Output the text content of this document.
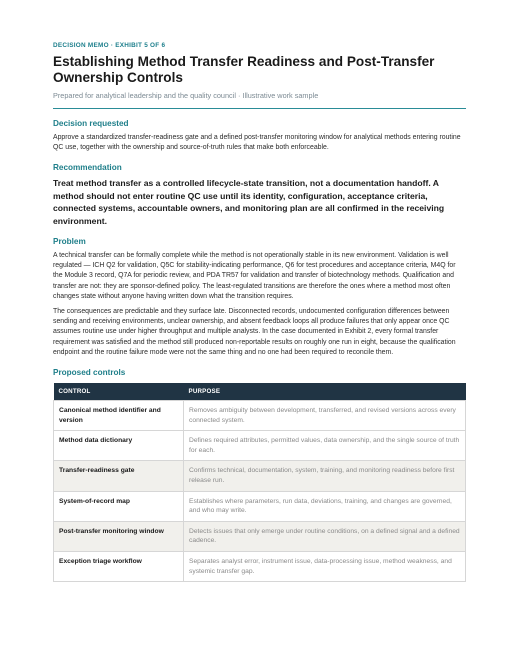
DECISION MEMO · EXHIBIT 5 OF 6

Establishing Method Transfer Readiness and Post-Transfer Ownership Controls

Prepared for analytical leadership and the quality council · Illustrative work sample

Decision requested

Approve a standardized transfer-readiness gate and a defined post-transfer monitoring window for analytical methods entering routine QC use, together with the ownership and source-of-truth rules that make both enforceable.

Recommendation

Treat method transfer as a controlled lifecycle-state transition, not a documentation handoff. A method should not enter routine QC use until its identity, configuration, acceptance criteria, connected systems, accountable owners, and monitoring plan are all confirmed in the receiving environment.

Problem

A technical transfer can be formally complete while the method is not operationally stable in its new environment. Validation is well regulated — ICH Q2 for validation, Q5C for stability-indicating performance, Q6 for test procedures and acceptance criteria, M4Q for the Module 3 record, Q7A for periodic review, and PDA TR57 for validation and transfer of biotechnology methods. Qualification and transfer are not: they are sponsor-defined policy. The least-regulated transitions are therefore the ones where a method most often changes state without anyone having written down what the transition requires.

The consequences are predictable and they surface late. Disconnected records, undocumented configuration differences between sending and receiving environments, unclear ownership, and absent feedback loops all produce failures that only appear once QC assumes routine use under higher throughput and multiple analysts. In the case documented in Exhibit 2, every formal transfer requirement was satisfied and the method still produced non-reportable results on roughly one run in eight, because the qualification endpoint and the routine failure mode were not the same thing and no one had been required to reconcile them.

Proposed controls
CONTROL	PURPOSE
Canonical method identifier and version	Removes ambiguity between development, transferred, and revised versions across every connected system.
Method data dictionary	Defines required attributes, permitted values, data ownership, and the single source of truth for each.
Transfer-readiness gate	Confirms technical, documentation, system, training, and monitoring readiness before first release run.
System-of-record map	Establishes where parameters, run data, deviations, training, and changes are governed, and who may write.
Post-transfer monitoring window	Detects issues that only emerge under routine conditions, on a defined signal and a defined cadence.
Exception triage workflow	Separates analyst error, instrument issue, data-processing issue, method weakness, and systemic transfer gap.
